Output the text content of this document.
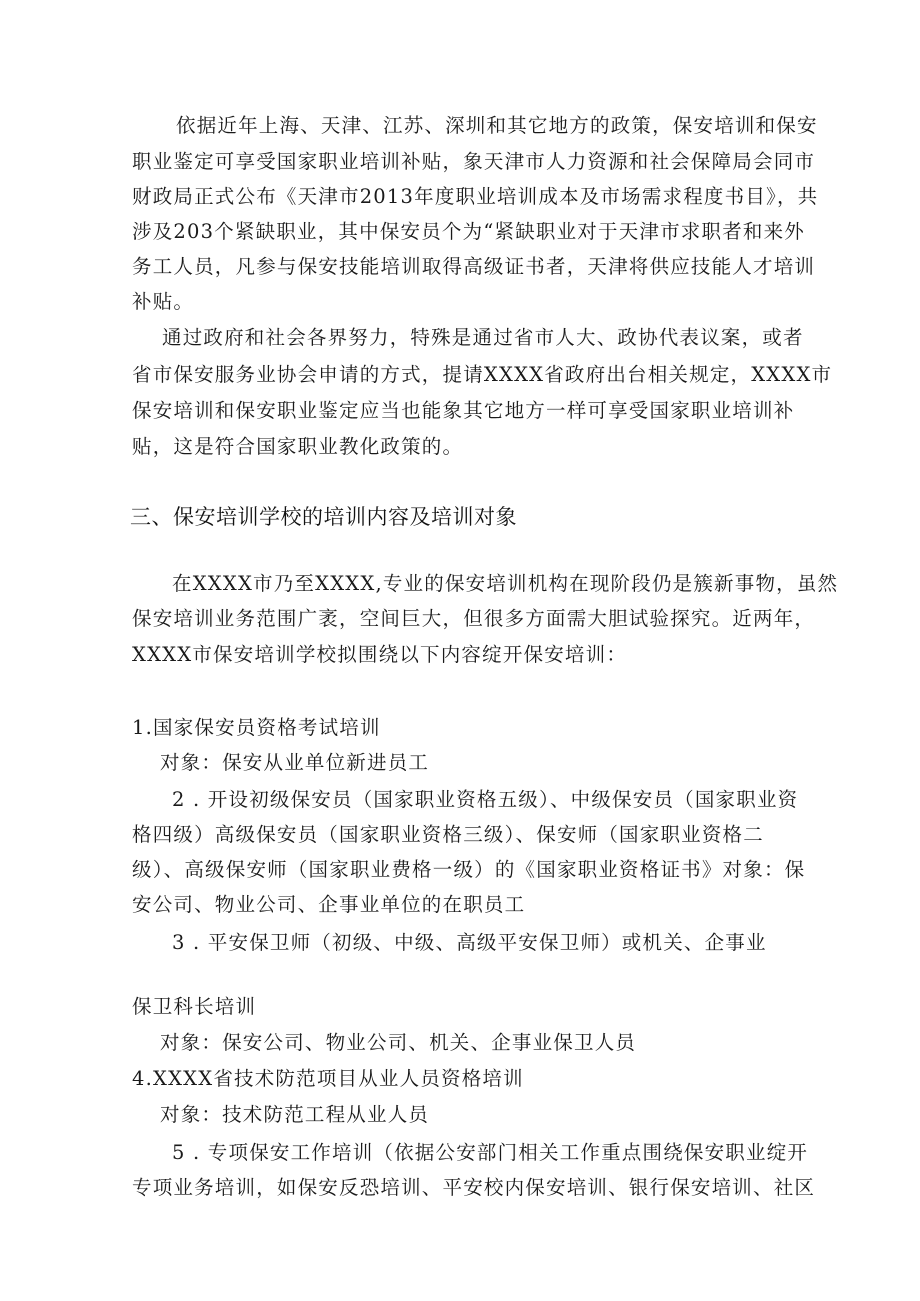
依据近年上海、天津、江苏、深圳和其它地方的政策，保安培训和保安
职业鉴定可享受国家职业培训补贴，象天津市人力资源和社会保障局会同市
财政局正式公布《天津市2013年度职业培训成本及市场需求程度书目》，共
涉及203个紧缺职业，其中保安员个为“紧缺职业对于天津市求职者和来外
务工人员，凡参与保安技能培训取得高级证书者，天津将供应技能人才培训
补贴。
通过政府和社会各界努力，特殊是通过省市人大、政协代表议案，或者
省市保安服务业协会申请的方式，提请XXXX省政府出台相关规定，XXXX市
保安培训和保安职业鉴定应当也能象其它地方一样可享受国家职业培训补
贴，这是符合国家职业教化政策的。
三、保安培训学校的培训内容及培训对象
在XXXX市乃至XXXX,专业的保安培训机构在现阶段仍是簇新事物，虽然
保安培训业务范围广袤，空间巨大，但很多方面需大胆试验探究。近两年，
XXXX市保安培训学校拟围绕以下内容绽开保安培训：
1.国家保安员资格考试培训
对象：保安从业单位新进员工
2 . 开设初级保安员（国家职业资格五级）、中级保安员（国家职业资
格四级）高级保安员（国家职业资格三级）、保安师（国家职业资格二
级）、高级保安师（国家职业费格一级）的《国家职业资格证书》对象：保
安公司、物业公司、企事业单位的在职员工
3 . 平安保卫师（初级、中级、高级平安保卫师）或机关、企事业
保卫科长培训
对象：保安公司、物业公司、机关、企事业保卫人员
4.XXXX省技术防范项目从业人员资格培训
对象：技术防范工程从业人员
5 . 专项保安工作培训（依据公安部门相关工作重点围绕保安职业绽开
专项业务培训，如保安反恐培训、平安校内保安培训、银行保安培训、社区
